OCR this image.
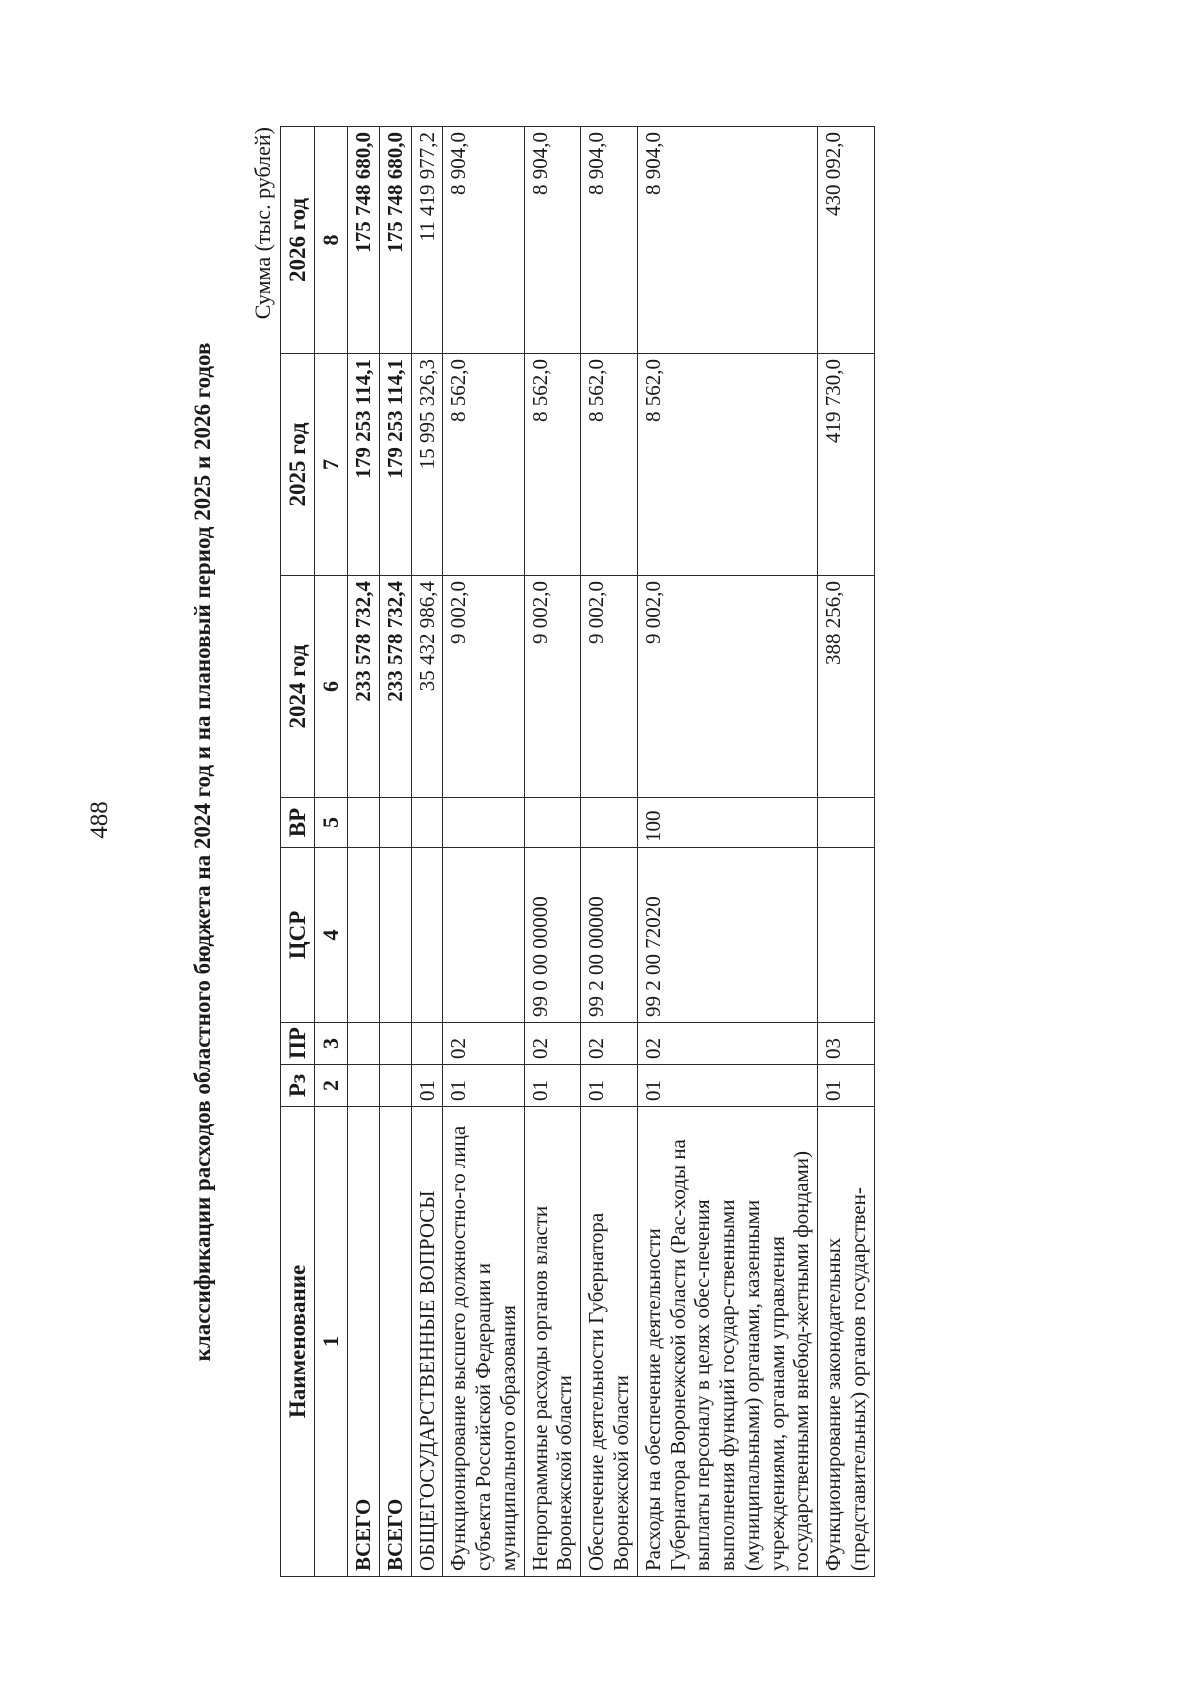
488	классификации расходов областного бюджета на 2024 год и на плановый период 2025 и 2026 годов
Сумма (тыс. рублей)
Наименование	Рз	ПР	ЦСР	ВР	2024 год	2025 год	2026 год
1	2	3	4	5	6	7	8
ВСЕГО					233 578 732,4	179 253 114,1	175 748 680,0
ВСЕГО					233 578 732,4	179 253 114,1	175 748 680,0
ОБЩЕГОСУДАРСТВЕННЫЕ ВОПРОСЫ	01				35 432 986,4	15 995 326,3	11 419 977,2
Функционирование высшего должностно-го лица субъекта Российской Федерации и муниципального образования	01	02			9 002,0	8 562,0	8 904,0
Непрограммные расходы органов власти Воронежской области	01	02	99 0 00 00000		9 002,0	8 562,0	8 904,0
Обеспечение деятельности Губернатора Воронежской области	01	02	99 2 00 00000		9 002,0	8 562,0	8 904,0
Расходы на обеспечение деятельности Губернатора Воронежской области (Рас-ходы на выплаты персоналу в целях обес-печения выполнения функций государ-ственными (муниципальными) органами, казенными учреждениями, органами управления государственными внебюд-жетными фондами)	01	02	99 2 00 72020	100	9 002,0	8 562,0	8 904,0
Функционирование законодательных (представительных) органов государствен-	01	03			388 256,0	419 730,0	430 092,0
